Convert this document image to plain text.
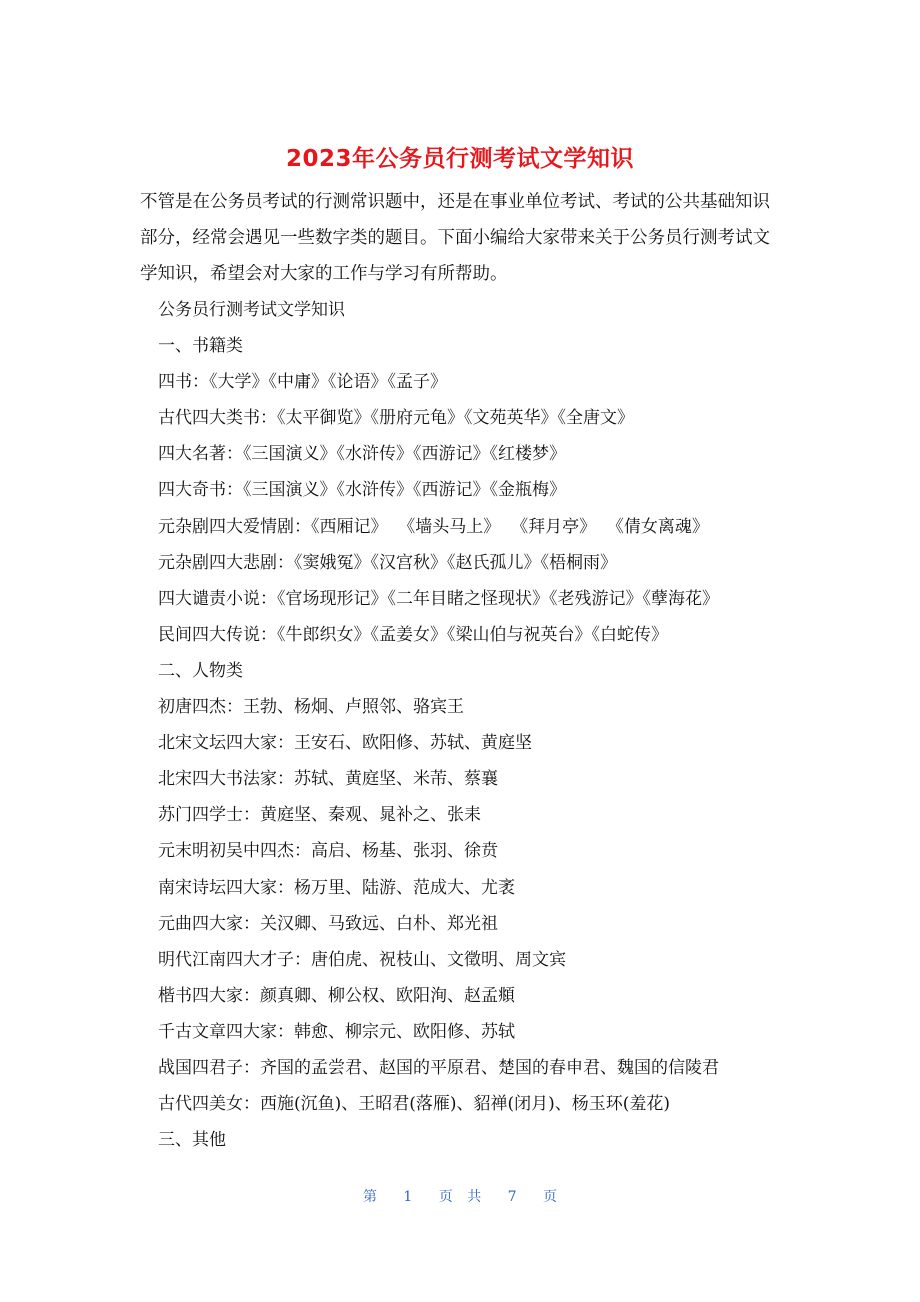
2023年公务员行测考试文学知识

不管是在公务员考试的行测常识题中，还是在事业单位考试、考试的公共基础知识部分，经常会遇见一些数字类的题目。下面小编给大家带来关于公务员行测考试文学知识，希望会对大家的工作与学习有所帮助。

公务员行测考试文学知识
一、书籍类
四书：《大学》《中庸》《论语》《孟子》
古代四大类书：《太平御览》《册府元龟》《文苑英华》《全唐文》
四大名著：《三国演义》《水浒传》《西游记》《红楼梦》
四大奇书：《三国演义》《水浒传》《西游记》《金瓶梅》
元杂剧四大爱情剧：《西厢记》  《墙头马上》  《拜月亭》  《倩女离魂》
元杂剧四大悲剧：《窦娥冤》《汉宫秋》《赵氏孤儿》《梧桐雨》
四大谴责小说：《官场现形记》《二年目睹之怪现状》《老残游记》《孽海花》
民间四大传说：《牛郎织女》《孟姜女》《梁山伯与祝英台》《白蛇传》
二、人物类
初唐四杰：王勃、杨炯、卢照邻、骆宾王
北宋文坛四大家：王安石、欧阳修、苏轼、黄庭坚
北宋四大书法家：苏轼、黄庭坚、米芾、蔡襄
苏门四学士：黄庭坚、秦观、晁补之、张耒
元末明初吴中四杰：高启、杨基、张羽、徐贲
南宋诗坛四大家：杨万里、陆游、范成大、尤袤
元曲四大家：关汉卿、马致远、白朴、郑光祖
明代江南四大才子：唐伯虎、祝枝山、文徵明、周文宾
楷书四大家：颜真卿、柳公权、欧阳洵、赵孟頫
千古文章四大家：韩愈、柳宗元、欧阳修、苏轼
战国四君子：齐国的孟尝君、赵国的平原君、楚国的春申君、魏国的信陵君
古代四美女：西施(沉鱼)、王昭君(落雁)、貂禅(闭月)、杨玉环(羞花)
三、其他
第 1 页 共 7 页
